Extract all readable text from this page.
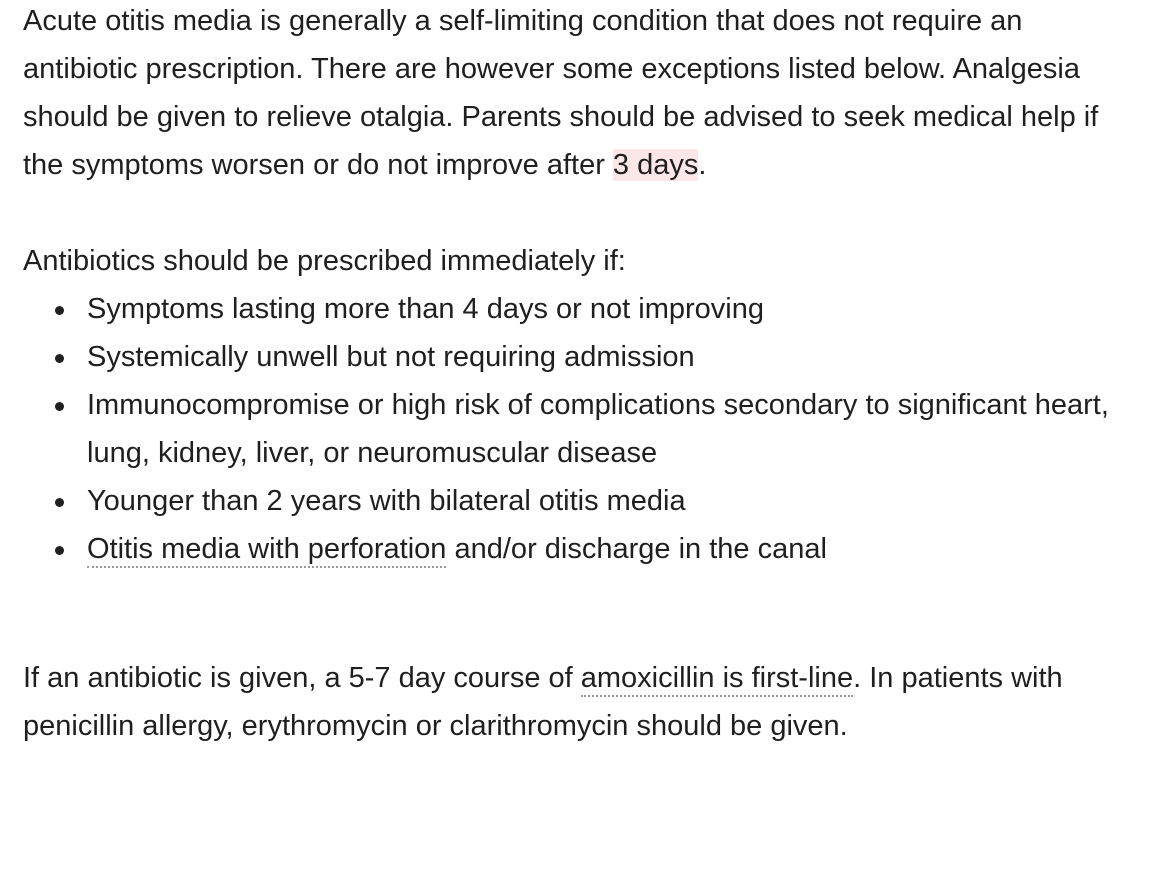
Acute otitis media is generally a self-limiting condition that does not require an antibiotic prescription. There are however some exceptions listed below. Analgesia should be given to relieve otalgia. Parents should be advised to seek medical help if the symptoms worsen or do not improve after 3 days.

Antibiotics should be prescribed immediately if:

Symptoms lasting more than 4 days or not improving
Systemically unwell but not requiring admission
Immunocompromise or high risk of complications secondary to significant heart, lung, kidney, liver, or neuromuscular disease
Younger than 2 years with bilateral otitis media
Otitis media with perforation and/or discharge in the canal

If an antibiotic is given, a 5-7 day course of amoxicillin is first-line. In patients with penicillin allergy, erythromycin or clarithromycin should be given.
